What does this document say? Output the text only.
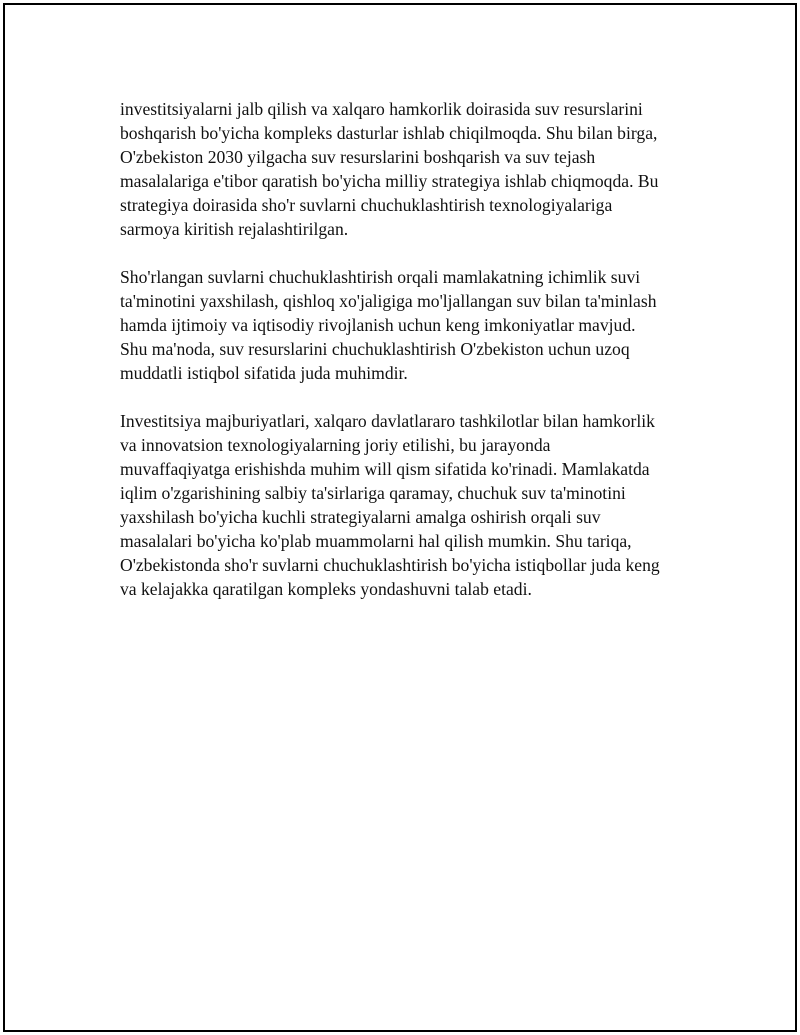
investitsiyalarni jalb qilish va xalqaro hamkorlik doirasida suv resurslarini
boshqarish bo'yicha kompleks dasturlar ishlab chiqilmoqda. Shu bilan birga,
O'zbekiston 2030 yilgacha suv resurslarini boshqarish va suv tejash
masalalariga e'tibor qaratish bo'yicha milliy strategiya ishlab chiqmoqda. Bu
strategiya doirasida sho'r suvlarni chuchuklashtirish texnologiyalariga
sarmoya kiritish rejalashtirilgan.

Sho'rlangan suvlarni chuchuklashtirish orqali mamlakatning ichimlik suvi
ta'minotini yaxshilash, qishloq xo'jaligiga mo'ljallangan suv bilan ta'minlash
hamda ijtimoiy va iqtisodiy rivojlanish uchun keng imkoniyatlar mavjud.
Shu ma'noda, suv resurslarini chuchuklashtirish O'zbekiston uchun uzoq
muddatli istiqbol sifatida juda muhimdir.

Investitsiya majburiyatlari, xalqaro davlatlararo tashkilotlar bilan hamkorlik
va innovatsion texnologiyalarning joriy etilishi, bu jarayonda
muvaffaqiyatga erishishda muhim will qism sifatida ko'rinadi. Mamlakatda
iqlim o'zgarishining salbiy ta'sirlariga qaramay, chuchuk suv ta'minotini
yaxshilash bo'yicha kuchli strategiyalarni amalga oshirish orqali suv
masalalari bo'yicha ko'plab muammolarni hal qilish mumkin. Shu tariqa,
O'zbekistonda sho'r suvlarni chuchuklashtirish bo'yicha istiqbollar juda keng
va kelajakka qaratilgan kompleks yondashuvni talab etadi.
